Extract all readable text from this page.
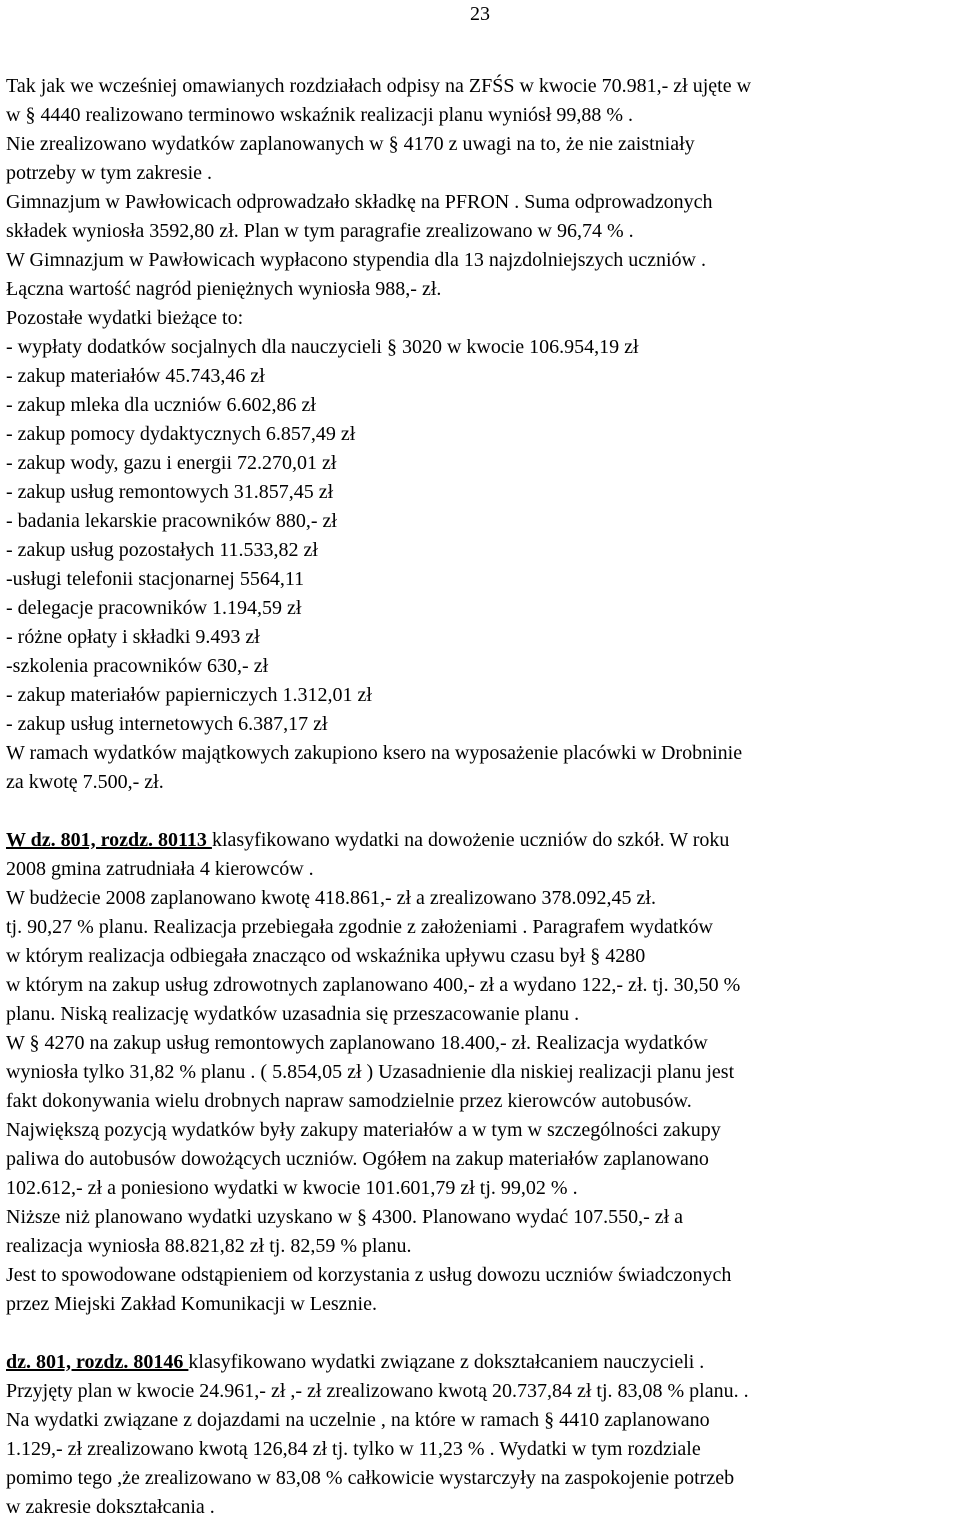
23
Tak jak we wcześniej omawianych rozdziałach odpisy na ZFŚS w kwocie 70.981,- zł ujęte w
w § 4440 realizowano terminowo wskaźnik realizacji planu wyniósł 99,88 % .
Nie zrealizowano wydatków zaplanowanych w § 4170 z uwagi na to, że nie zaistniały
potrzeby w tym zakresie .
Gimnazjum w Pawłowicach odprowadzało składkę na PFRON . Suma odprowadzonych
składek wyniosła 3592,80 zł. Plan w tym paragrafie zrealizowano w 96,74 % .
W Gimnazjum w Pawłowicach wypłacono stypendia dla 13 najzdolniejszych uczniów .
Łączna wartość nagród pieniężnych wyniosła 988,- zł.
Pozostałe wydatki bieżące to:
- wypłaty dodatków socjalnych dla nauczycieli § 3020 w kwocie 106.954,19 zł
- zakup materiałów 45.743,46 zł
- zakup mleka dla uczniów 6.602,86 zł
- zakup pomocy dydaktycznych 6.857,49 zł
- zakup wody, gazu i energii 72.270,01 zł
- zakup usług remontowych 31.857,45 zł
- badania lekarskie pracowników 880,- zł
- zakup usług pozostałych 11.533,82 zł
-usługi telefonii stacjonarnej 5564,11
- delegacje pracowników 1.194,59 zł
- różne opłaty i składki 9.493 zł
-szkolenia pracowników 630,- zł
- zakup materiałów papierniczych 1.312,01 zł
- zakup usług internetowych 6.387,17 zł
W ramach wydatków majątkowych zakupiono ksero na wyposażenie placówki w Drobninie
za kwotę 7.500,- zł.
W dz. 801, rozdz. 80113 klasyfikowano wydatki na dowożenie uczniów do szkół. W roku
2008 gmina zatrudniała 4 kierowców .
W budżecie 2008 zaplanowano kwotę 418.861,- zł a zrealizowano 378.092,45 zł.
tj. 90,27 % planu. Realizacja przebiegała zgodnie z założeniami . Paragrafem wydatków
w którym realizacja odbiegała znacząco od wskaźnika upływu czasu był § 4280
w którym na zakup usług zdrowotnych zaplanowano 400,- zł a wydano 122,- zł. tj. 30,50 %
planu. Niską realizację wydatków uzasadnia się przeszacowanie planu .
W § 4270 na zakup usług remontowych zaplanowano 18.400,- zł. Realizacja wydatków
wyniosła tylko 31,82 % planu . ( 5.854,05 zł ) Uzasadnienie dla niskiej realizacji planu jest
fakt dokonywania wielu drobnych napraw samodzielnie przez kierowców autobusów.
Największą pozycją wydatków były zakupy materiałów a w tym w szczególności zakupy
paliwa do autobusów dowożących uczniów. Ogółem na zakup materiałów zaplanowano
102.612,- zł a poniesiono wydatki w kwocie 101.601,79 zł tj. 99,02 % .
Niższe niż planowano wydatki uzyskano w § 4300. Planowano wydać 107.550,- zł a
realizacja wyniosła 88.821,82 zł tj. 82,59 % planu.
Jest to spowodowane odstąpieniem od korzystania z usług dowozu uczniów świadczonych
przez Miejski Zakład Komunikacji w Lesznie.
dz. 801, rozdz. 80146 klasyfikowano wydatki związane z dokształcaniem nauczycieli .
Przyjęty plan w kwocie 24.961,- zł ,- zł zrealizowano kwotą 20.737,84 zł tj. 83,08 % planu. .
Na wydatki związane z dojazdami na uczelnie , na które w ramach § 4410 zaplanowano
1.129,- zł zrealizowano kwotą 126,84 zł tj. tylko w 11,23 % . Wydatki w tym rozdziale
pomimo tego ,że zrealizowano w 83,08 % całkowicie wystarczyły na zaspokojenie potrzeb
w zakresie dokształcania .
